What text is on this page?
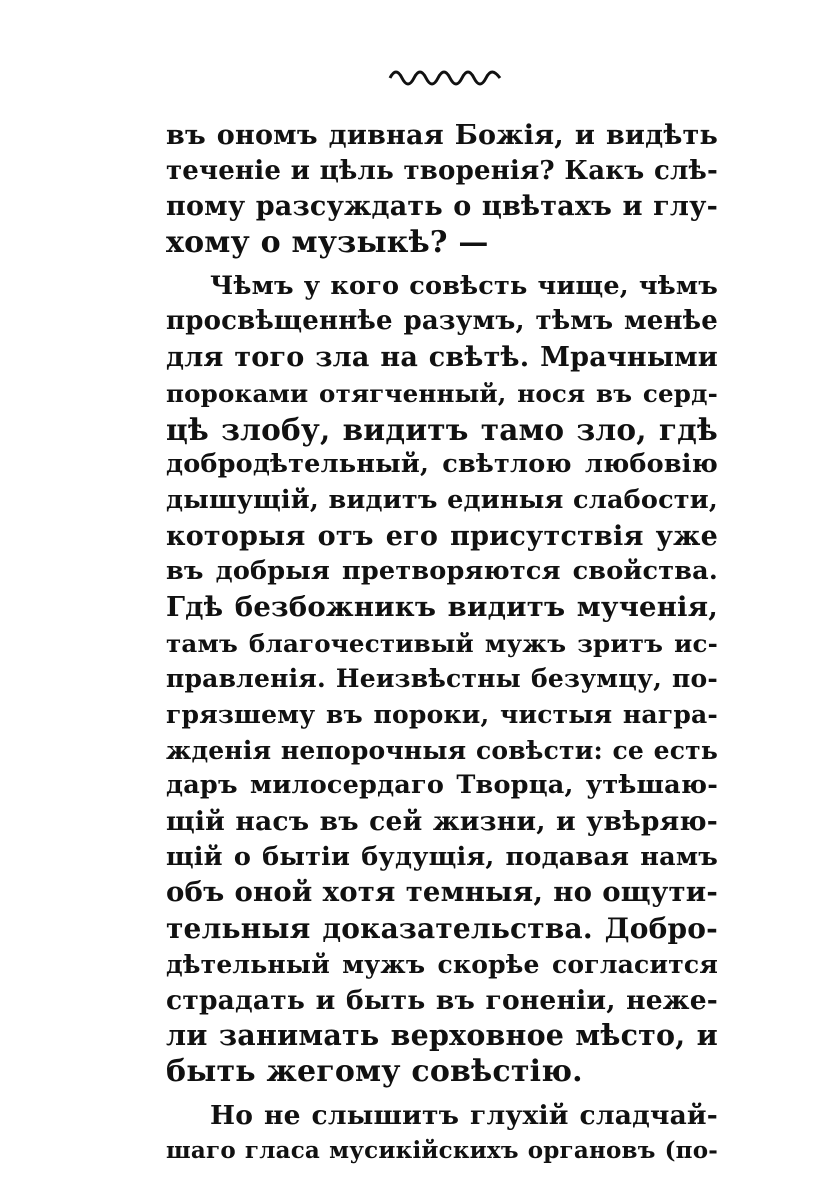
въ ономъ дивная Божія, и видѣть
теченіе и цѣль творенія? Какъ слѣ-
пому разсуждать о цвѣтахъ и глу-
хому о музыкѣ? —
Чѣмъ у кого совѣсть чище, чѣмъ
просвѣщеннѣе разумъ, тѣмъ менѣе
для того зла на свѣтѣ. Мрачными
пороками отягченный, нося въ серд-
цѣ злобу, видитъ тамо зло, гдѣ
добродѣтельный, свѣтлою любовію
дышущій, видитъ единыя слабости,
которыя отъ его присутствія уже
въ добрыя претворяются свойства.
Гдѣ безбожникъ видитъ мученія,
тамъ благочестивый мужъ зритъ ис-
правленія. Неизвѣстны безумцу, по-
грязшему въ пороки, чистыя награ-
жденія непорочныя совѣсти: се есть
даръ милосердаго Творца, утѣшаю-
щій насъ въ сей жизни, и увѣряю-
щій о бытіи будущія, подавая намъ
объ оной хотя темныя, но ощути-
тельныя доказательства. Добро-
дѣтельный мужъ скорѣе согласится
страдать и быть въ гоненіи, неже-
ли занимать верховное мѣсто, и
быть жегому совѣстію.
Но не слышитъ глухій сладчай-
шаго гласа мусикійскихъ органовъ (по-
